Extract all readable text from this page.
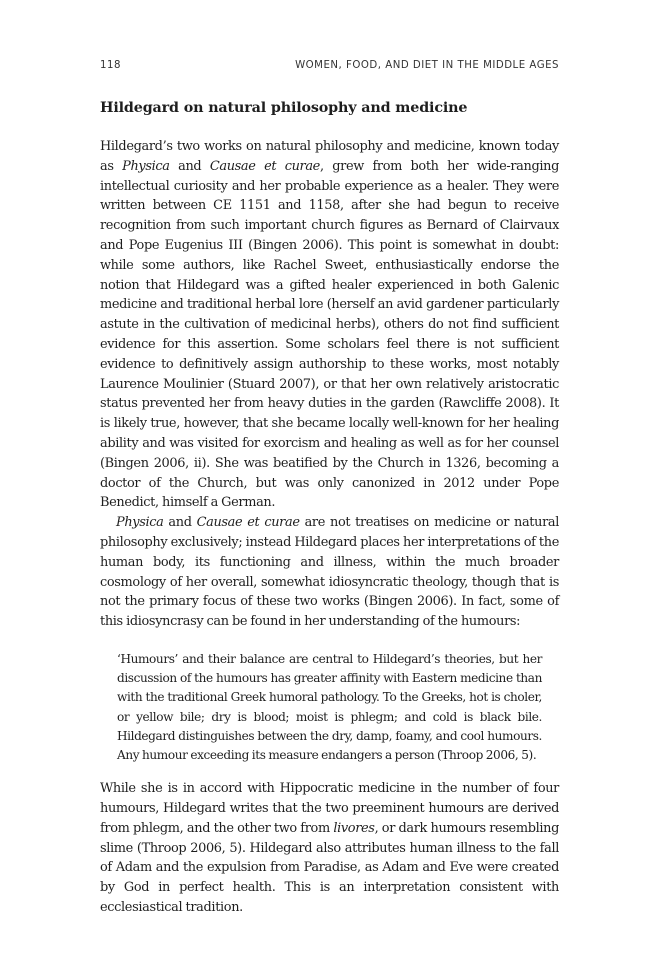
118	WOMEN, FOOD, AND DIET IN THE MIDDLE AGES
Hildegard on natural philosophy and medicine

Hildegard’s two works on natural philosophy and medicine, known today as Physica and Causae et curae, grew from both her wide-ranging intellectual curiosity and her probable experience as a healer. They were written between CE 1151 and 1158, after she had begun to receive recognition from such important church figures as Bernard of Clairvaux and Pope Eugenius III (Bingen 2006). This point is somewhat in doubt: while some authors, like Rachel Sweet, enthusiastically endorse the notion that Hildegard was a gifted healer experienced in both Galenic medicine and traditional herbal lore (herself an avid gardener particularly astute in the cultivation of medicinal herbs), others do not find sufficient evidence for this assertion. Some scholars feel there is not sufficient evidence to definitively assign authorship to these works, most notably Laurence Moulinier (Stuard 2007), or that her own relatively aristocratic status prevented her from heavy duties in the garden (Rawcliffe 2008). It is likely true, however, that she became locally well-known for her healing ability and was visited for exorcism and healing as well as for her counsel (Bingen 2006, ii). She was beatified by the Church in 1326, becoming a doctor of the Church, but was only canonized in 2012 under Pope Benedict, himself a German.

Physica and Causae et curae are not treatises on medicine or natural philosophy exclusively; instead Hildegard places her interpretations of the human body, its functioning and illness, within the much broader cosmology of her overall, somewhat idiosyncratic theology, though that is not the primary focus of these two works (Bingen 2006). In fact, some of this idiosyncrasy can be found in her understanding of the humours:

‘Humours’ and their balance are central to Hildegard’s theories, but her discussion of the humours has greater affinity with Eastern medicine than with the traditional Greek humoral pathology. To the Greeks, hot is choler, or yellow bile; dry is blood; moist is phlegm; and cold is black bile. Hildegard distinguishes between the dry, damp, foamy, and cool humours. Any humour exceeding its measure endangers a person (Throop 2006, 5).

While she is in accord with Hippocratic medicine in the number of four humours, Hildegard writes that the two preeminent humours are derived from phlegm, and the other two from livores, or dark humours resembling slime (Throop 2006, 5). Hildegard also attributes human illness to the fall of Adam and the expulsion from Paradise, as Adam and Eve were created by God in perfect health. This is an interpretation consistent with ecclesiastical tradition.
